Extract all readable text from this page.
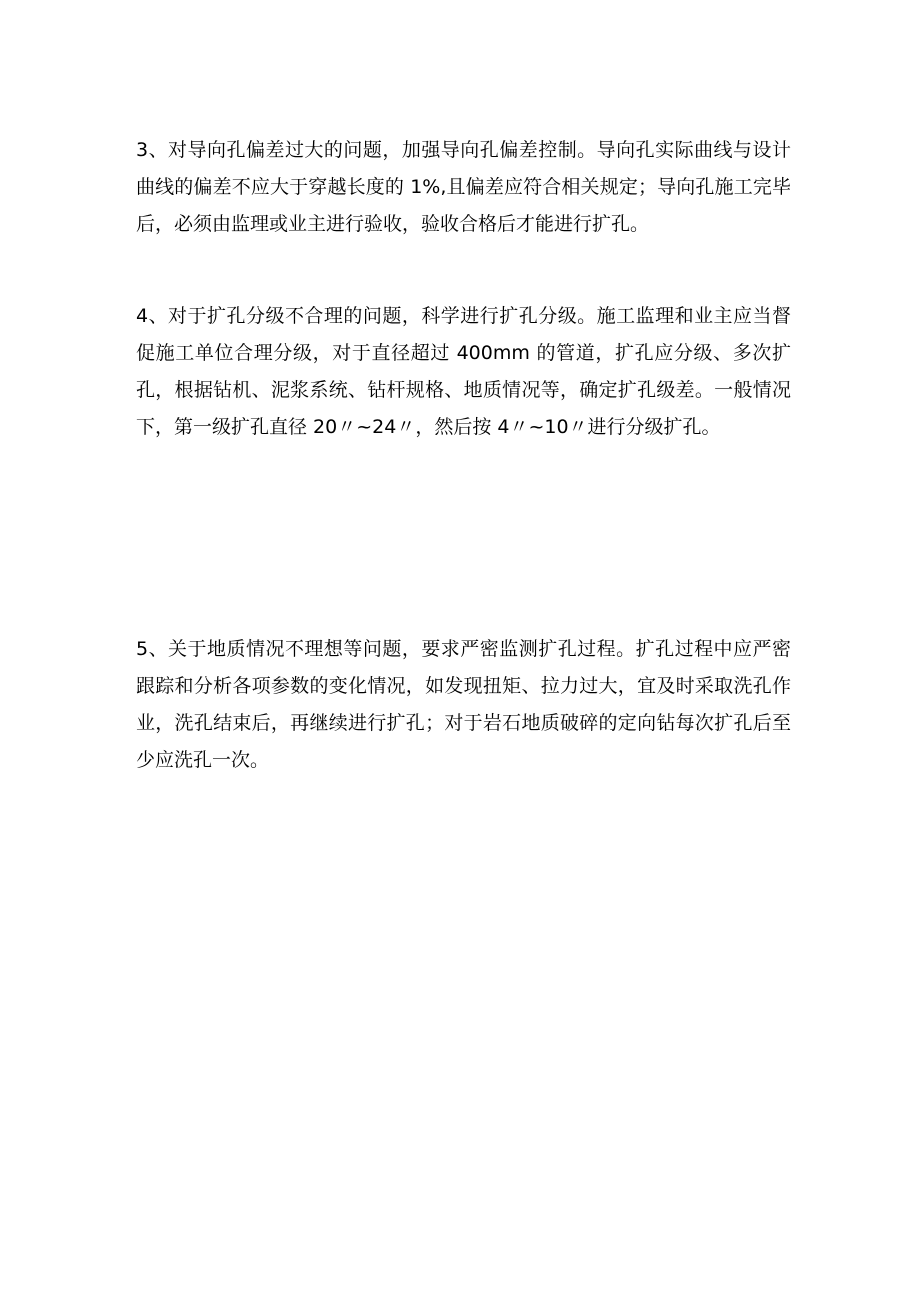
3、对导向孔偏差过大的问题，加强导向孔偏差控制。导向孔实际曲线与设计曲线的偏差不应大于穿越长度的 1%,且偏差应符合相关规定；导向孔施工完毕后，必须由监理或业主进行验收，验收合格后才能进行扩孔。

4、对于扩孔分级不合理的问题，科学进行扩孔分级。施工监理和业主应当督促施工单位合理分级，对于直径超过 400mm 的管道，扩孔应分级、多次扩孔，根据钻机、泥浆系统、钻杆规格、地质情况等，确定扩孔级差。一般情况下，第一级扩孔直径 20〃~24〃，然后按 4〃~10〃进行分级扩孔。

5、关于地质情况不理想等问题，要求严密监测扩孔过程。扩孔过程中应严密跟踪和分析各项参数的变化情况，如发现扭矩、拉力过大，宜及时采取洗孔作业，洗孔结束后，再继续进行扩孔；对于岩石地质破碎的定向钻每次扩孔后至少应洗孔一次。
